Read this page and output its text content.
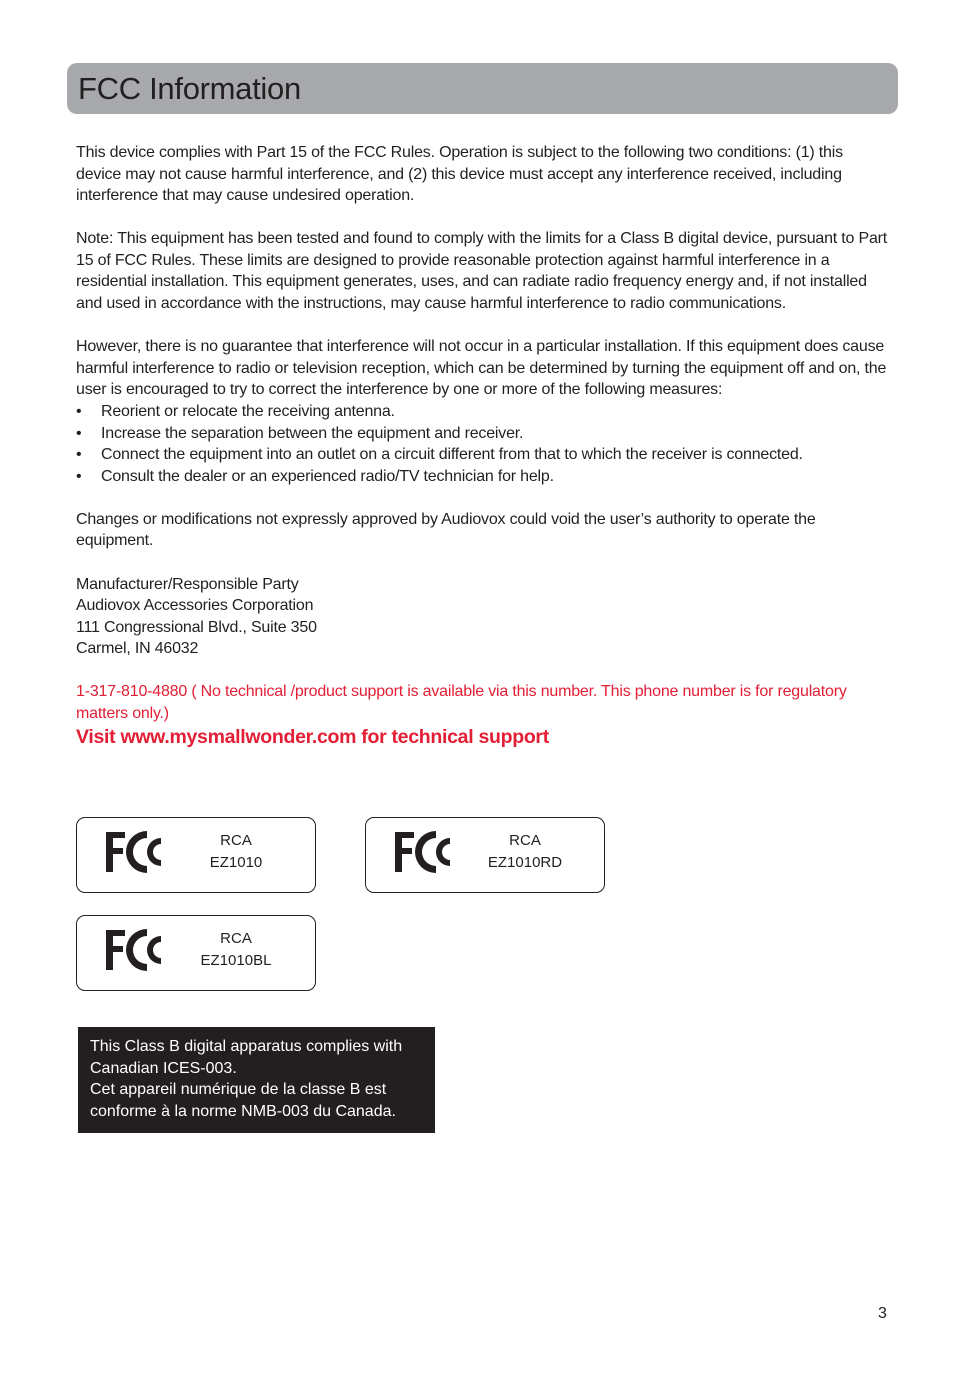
FCC Information

This device complies with Part 15 of the FCC Rules. Operation is subject to the following two conditions: (1) this device may not cause harmful interference, and (2) this device must accept any interference received, including interference that may cause undesired operation.

Note: This equipment has been tested and found to comply with the limits for a Class B digital device, pursuant to Part 15 of FCC Rules. These limits are designed to provide reasonable protection against harmful interference in a residential installation. This equipment generates, uses, and can radiate radio frequency energy and, if not installed and used in accordance with the instructions, may cause harmful interference to radio communications.

However, there is no guarantee that interference will not occur in a particular installation. If this equipment does cause harmful interference to radio or television reception, which can be determined by turning the equipment off and on, the user is encouraged to try to correct the interference by one or more of the following measures:
• Reorient or relocate the receiving antenna.
• Increase the separation between the equipment and receiver.
• Connect the equipment into an outlet on a circuit different from that to which the receiver is connected.
• Consult the dealer or an experienced radio/TV technician for help.

Changes or modifications not expressly approved by Audiovox could void the user’s authority to operate the equipment.

Manufacturer/Responsible Party
Audiovox Accessories Corporation
111 Congressional Blvd., Suite 350
Carmel, IN 46032
1-317-810-4880 ( No technical /product support is available via this number. This phone number is for regulatory matters only.)
Visit www.mysmallwonder.com for technical support
RCA
EZ1010
RCA
EZ1010RD
RCA
EZ1010BL
This Class B digital apparatus complies with Canadian ICES-003.
Cet appareil numérique de la classe B est conforme à la norme NMB-003 du Canada.
3
